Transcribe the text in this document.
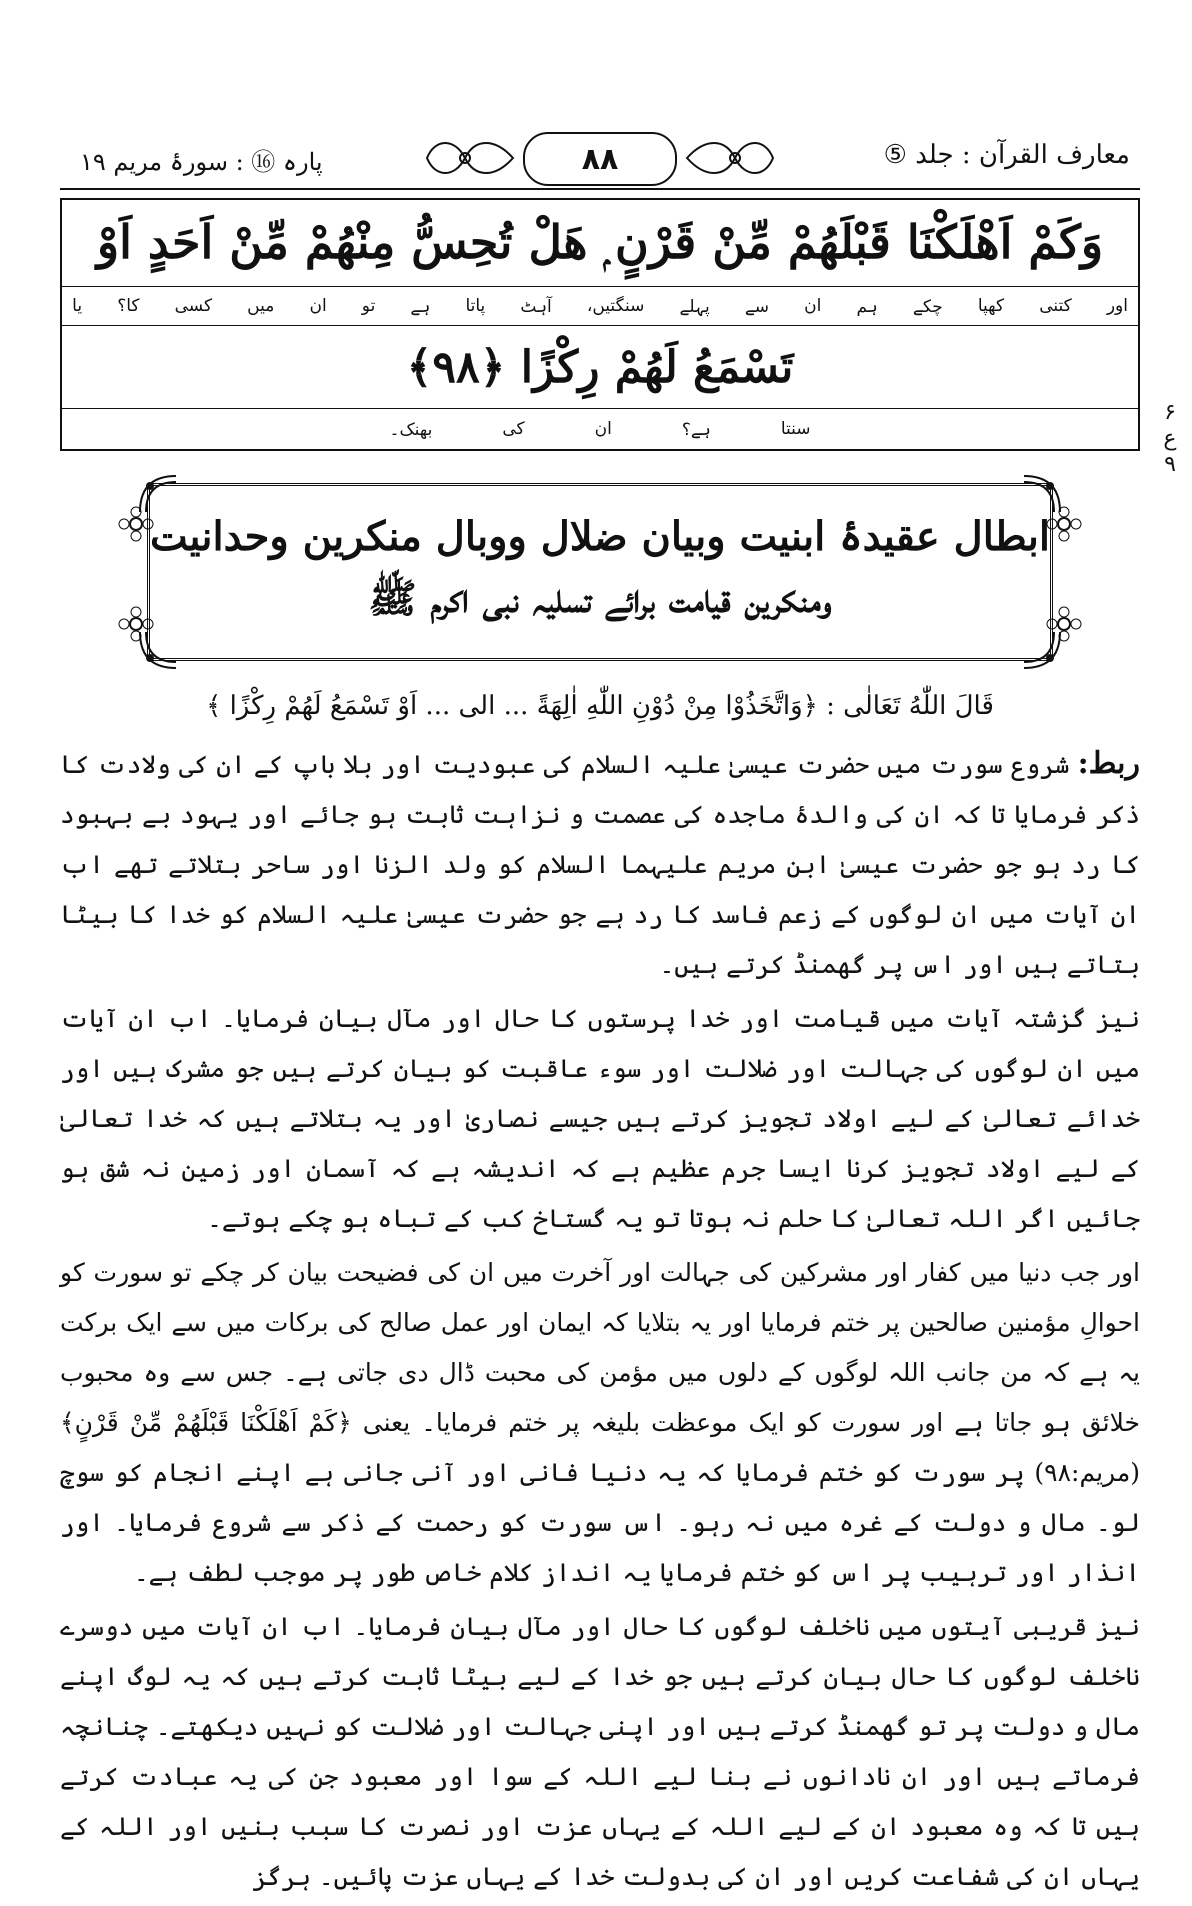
معارف القرآن : جلد ⑤
۸۸
پارہ ⑯ : سورۂ مریم ۱۹
۶
ع
۹
وَكَمْ اَهْلَكْنَا قَبْلَهُمْ مِّنْ قَرْنٍ ۭ هَلْ تُحِسُّ مِنْهُمْ مِّنْ اَحَدٍ اَوْ
اور
کتنی
کھپا
چکے
ہم
ان
سے
پہلے
سنگتیں،
آہٹ
پاتا
ہے
تو
ان
میں
کسی
کا؟
یا
تَسْمَعُ لَهُمْ رِكْزًا ﴿۹۸﴾
سنتا
ہے؟
ان
کی
بھنک۔
ابطال عقیدۂ ابنیت وبیان ضلال ووبال منکرین وحدانیت
ومنکرین قیامت برائے تسلیہ نبی اکرم ﷺ
قَالَ اللّٰهُ تَعَالٰی : ﴿وَاتَّخَذُوْا مِنْ دُوْنِ اللّٰهِ اٰلِهَةً ... الی ... اَوْ تَسْمَعُ لَهُمْ رِكْزًا ﴾

ربط: شروع سورت میں حضرت عیسیٰ علیہ السلام کی عبودیت اور بلا باپ کے ان کی ولادت کا ذکر فرمایا تا کہ ان کی والدۂ ماجدہ کی عصمت و نزاہت ثابت ہو جائے اور یہود بے بہبود کا رد ہو جو حضرت عیسیٰ ابن مریم علیہما السلام کو ولد الزنا اور ساحر بتلاتے تھے اب ان آیات میں ان لوگوں کے زعم فاسد کا رد ہے جو حضرت عیسیٰ علیہ السلام کو خدا کا بیٹا بتاتے ہیں اور اس پر گھمنڈ کرتے ہیں۔

نیز گزشتہ آیات میں قیامت اور خدا پرستوں کا حال اور مآل بیان فرمایا۔ اب ان آیات میں ان لوگوں کی جہالت اور ضلالت اور سوء عاقبت کو بیان کرتے ہیں جو مشرک ہیں اور خدائے تعالیٰ کے لیے اولاد تجویز کرتے ہیں جیسے نصاریٰ اور یہ بتلاتے ہیں کہ خدا تعالیٰ کے لیے اولاد تجویز کرنا ایسا جرم عظیم ہے کہ اندیشہ ہے کہ آسمان اور زمین نہ شق ہو جائیں اگر اللہ تعالیٰ کا حلم نہ ہوتا تو یہ گستاخ کب کے تباہ ہو چکے ہوتے۔

اور جب دنیا میں کفار اور مشرکین کی جہالت اور آخرت میں ان کی فضیحت بیان کر چکے تو سورت کو احوالِ مؤمنین صالحین پر ختم فرمایا اور یہ بتلایا کہ ایمان اور عمل صالح کی برکات میں سے ایک برکت یہ ہے کہ من جانب اللہ لوگوں کے دلوں میں مؤمن کی محبت ڈال دی جاتی ہے۔ جس سے وہ محبوب خلائق ہو جاتا ہے اور سورت کو ایک موعظت بلیغہ پر ختم فرمایا۔ یعنی ﴿كَمْ اَهْلَكْنَا قَبْلَهُمْ مِّنْ قَرْنٍ﴾ (مریم:۹۸) پر سورت کو ختم فرمایا کہ یہ دنیا فانی اور آنی جانی ہے اپنے انجام کو سوچ لو۔ مال و دولت کے غرہ میں نہ رہو۔ اس سورت کو رحمت کے ذکر سے شروع فرمایا۔ اور انذار اور ترہیب پر اس کو ختم فرمایا یہ انداز کلام خاص طور پر موجب لطف ہے۔

نیز قریبی آیتوں میں ناخلف لوگوں کا حال اور مآل بیان فرمایا۔ اب ان آیات میں دوسرے ناخلف لوگوں کا حال بیان کرتے ہیں جو خدا کے لیے بیٹا ثابت کرتے ہیں کہ یہ لوگ اپنے مال و دولت پر تو گھمنڈ کرتے ہیں اور اپنی جہالت اور ضلالت کو نہیں دیکھتے۔ چنانچہ فرماتے ہیں اور ان نادانوں نے بنا لیے اللہ کے سوا اور معبود جن کی یہ عبادت کرتے ہیں تا کہ وہ معبود ان کے لیے اللہ کے یہاں عزت اور نصرت کا سبب بنیں اور اللہ کے یہاں ان کی شفاعت کریں اور ان کی بدولت خدا کے یہاں عزت پائیں۔ ہرگز
